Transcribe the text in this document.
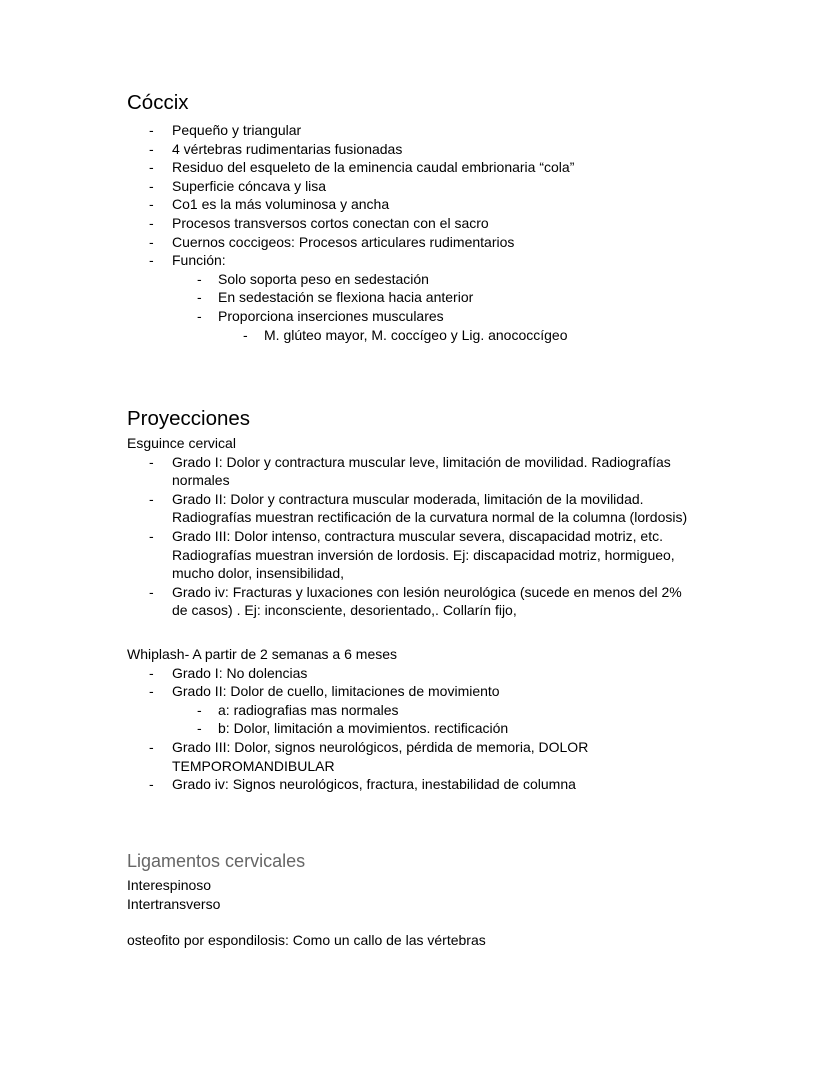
Cóccix
- Pequeño y triangular
- 4 vértebras rudimentarias fusionadas
- Residuo del esqueleto de la eminencia caudal embrionaria “cola”
- Superficie cóncava y lisa
- Co1 es la más voluminosa y ancha
- Procesos transversos cortos conectan con el sacro
- Cuernos coccigeos: Procesos articulares rudimentarios
- Función:
- Solo soporta peso en sedestación
- En sedestación se flexiona hacia anterior
- Proporciona inserciones musculares
- M. glúteo mayor, M. coccígeo y Lig. anococcígeo
Proyecciones
Esguince cervical
- Grado I: Dolor y contractura muscular leve, limitación de movilidad. Radiografías normales
- Grado II: Dolor y contractura muscular moderada, limitación de la movilidad. Radiografías muestran rectificación de la curvatura normal de la columna (lordosis)
- Grado III: Dolor intenso, contractura muscular severa, discapacidad motriz, etc. Radiografías muestran inversión de lordosis. Ej: discapacidad motriz, hormigueo, mucho dolor, insensibilidad,
- Grado iv: Fracturas y luxaciones con lesión neurológica (sucede en menos del 2% de casos) . Ej: inconsciente, desorientado,. Collarín fijo,
Whiplash- A partir de 2 semanas a 6 meses
- Grado I: No dolencias
- Grado II: Dolor de cuello, limitaciones de movimiento
- a: radiografias mas normales
- b: Dolor, limitación a movimientos. rectificación
- Grado III: Dolor, signos neurológicos, pérdida de memoria, DOLOR TEMPOROMANDIBULAR
- Grado iv: Signos neurológicos, fractura, inestabilidad de columna
Ligamentos cervicales
Interespinoso
Intertransverso
osteofito por espondilosis: Como un callo de las vértebras
